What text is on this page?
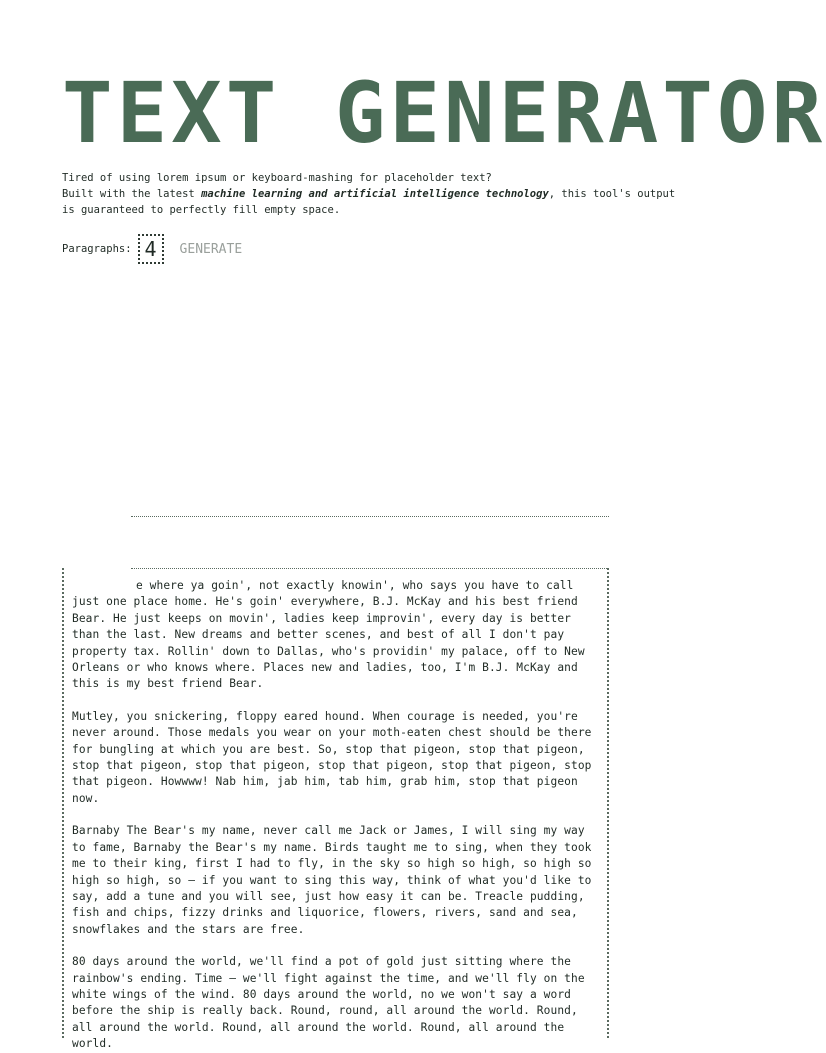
TEXT GENERATOR

Tired of using lorem ipsum or keyboard-mashing for placeholder text?

Built with the latest machine learning and artificial intelligence technology, this tool's output is guaranteed to perfectly fill empty space.

Paragraphs:
4	GENERATE

e where ya goin', not exactly knowin', who says you have to call just one place home. He's goin' everywhere, B.J. McKay and his best friend Bear. He just keeps on movin', ladies keep improvin', every day is better than the last. New dreams and better scenes, and best of all I don't pay property tax. Rollin' down to Dallas, who's providin' my palace, off to New Orleans or who knows where. Places new and ladies, too, I'm B.J. McKay and this is my best friend Bear.

Mutley, you snickering, floppy eared hound. When courage is needed, you're never around. Those medals you wear on your moth-eaten chest should be there for bungling at which you are best. So, stop that pigeon, stop that pigeon, stop that pigeon, stop that pigeon, stop that pigeon, stop that pigeon, stop that pigeon. Howwww! Nab him, jab him, tab him, grab him, stop that pigeon now.

Barnaby The Bear's my name, never call me Jack or James, I will sing my way to fame, Barnaby the Bear's my name. Birds taught me to sing, when they took me to their king, first I had to fly, in the sky so high so high, so high so high so high, so — if you want to sing this way, think of what you'd like to say, add a tune and you will see, just how easy it can be. Treacle pudding, fish and chips, fizzy drinks and liquorice, flowers, rivers, sand and sea, snowflakes and the stars are free.

80 days around the world, we'll find a pot of gold just sitting where the rainbow's ending. Time — we'll fight against the time, and we'll fly on the white wings of the wind. 80 days around the world, no we won't say a word before the ship is really back. Round, round, all around the world. Round, all around the world. Round, all around the world. Round, all around the world.
